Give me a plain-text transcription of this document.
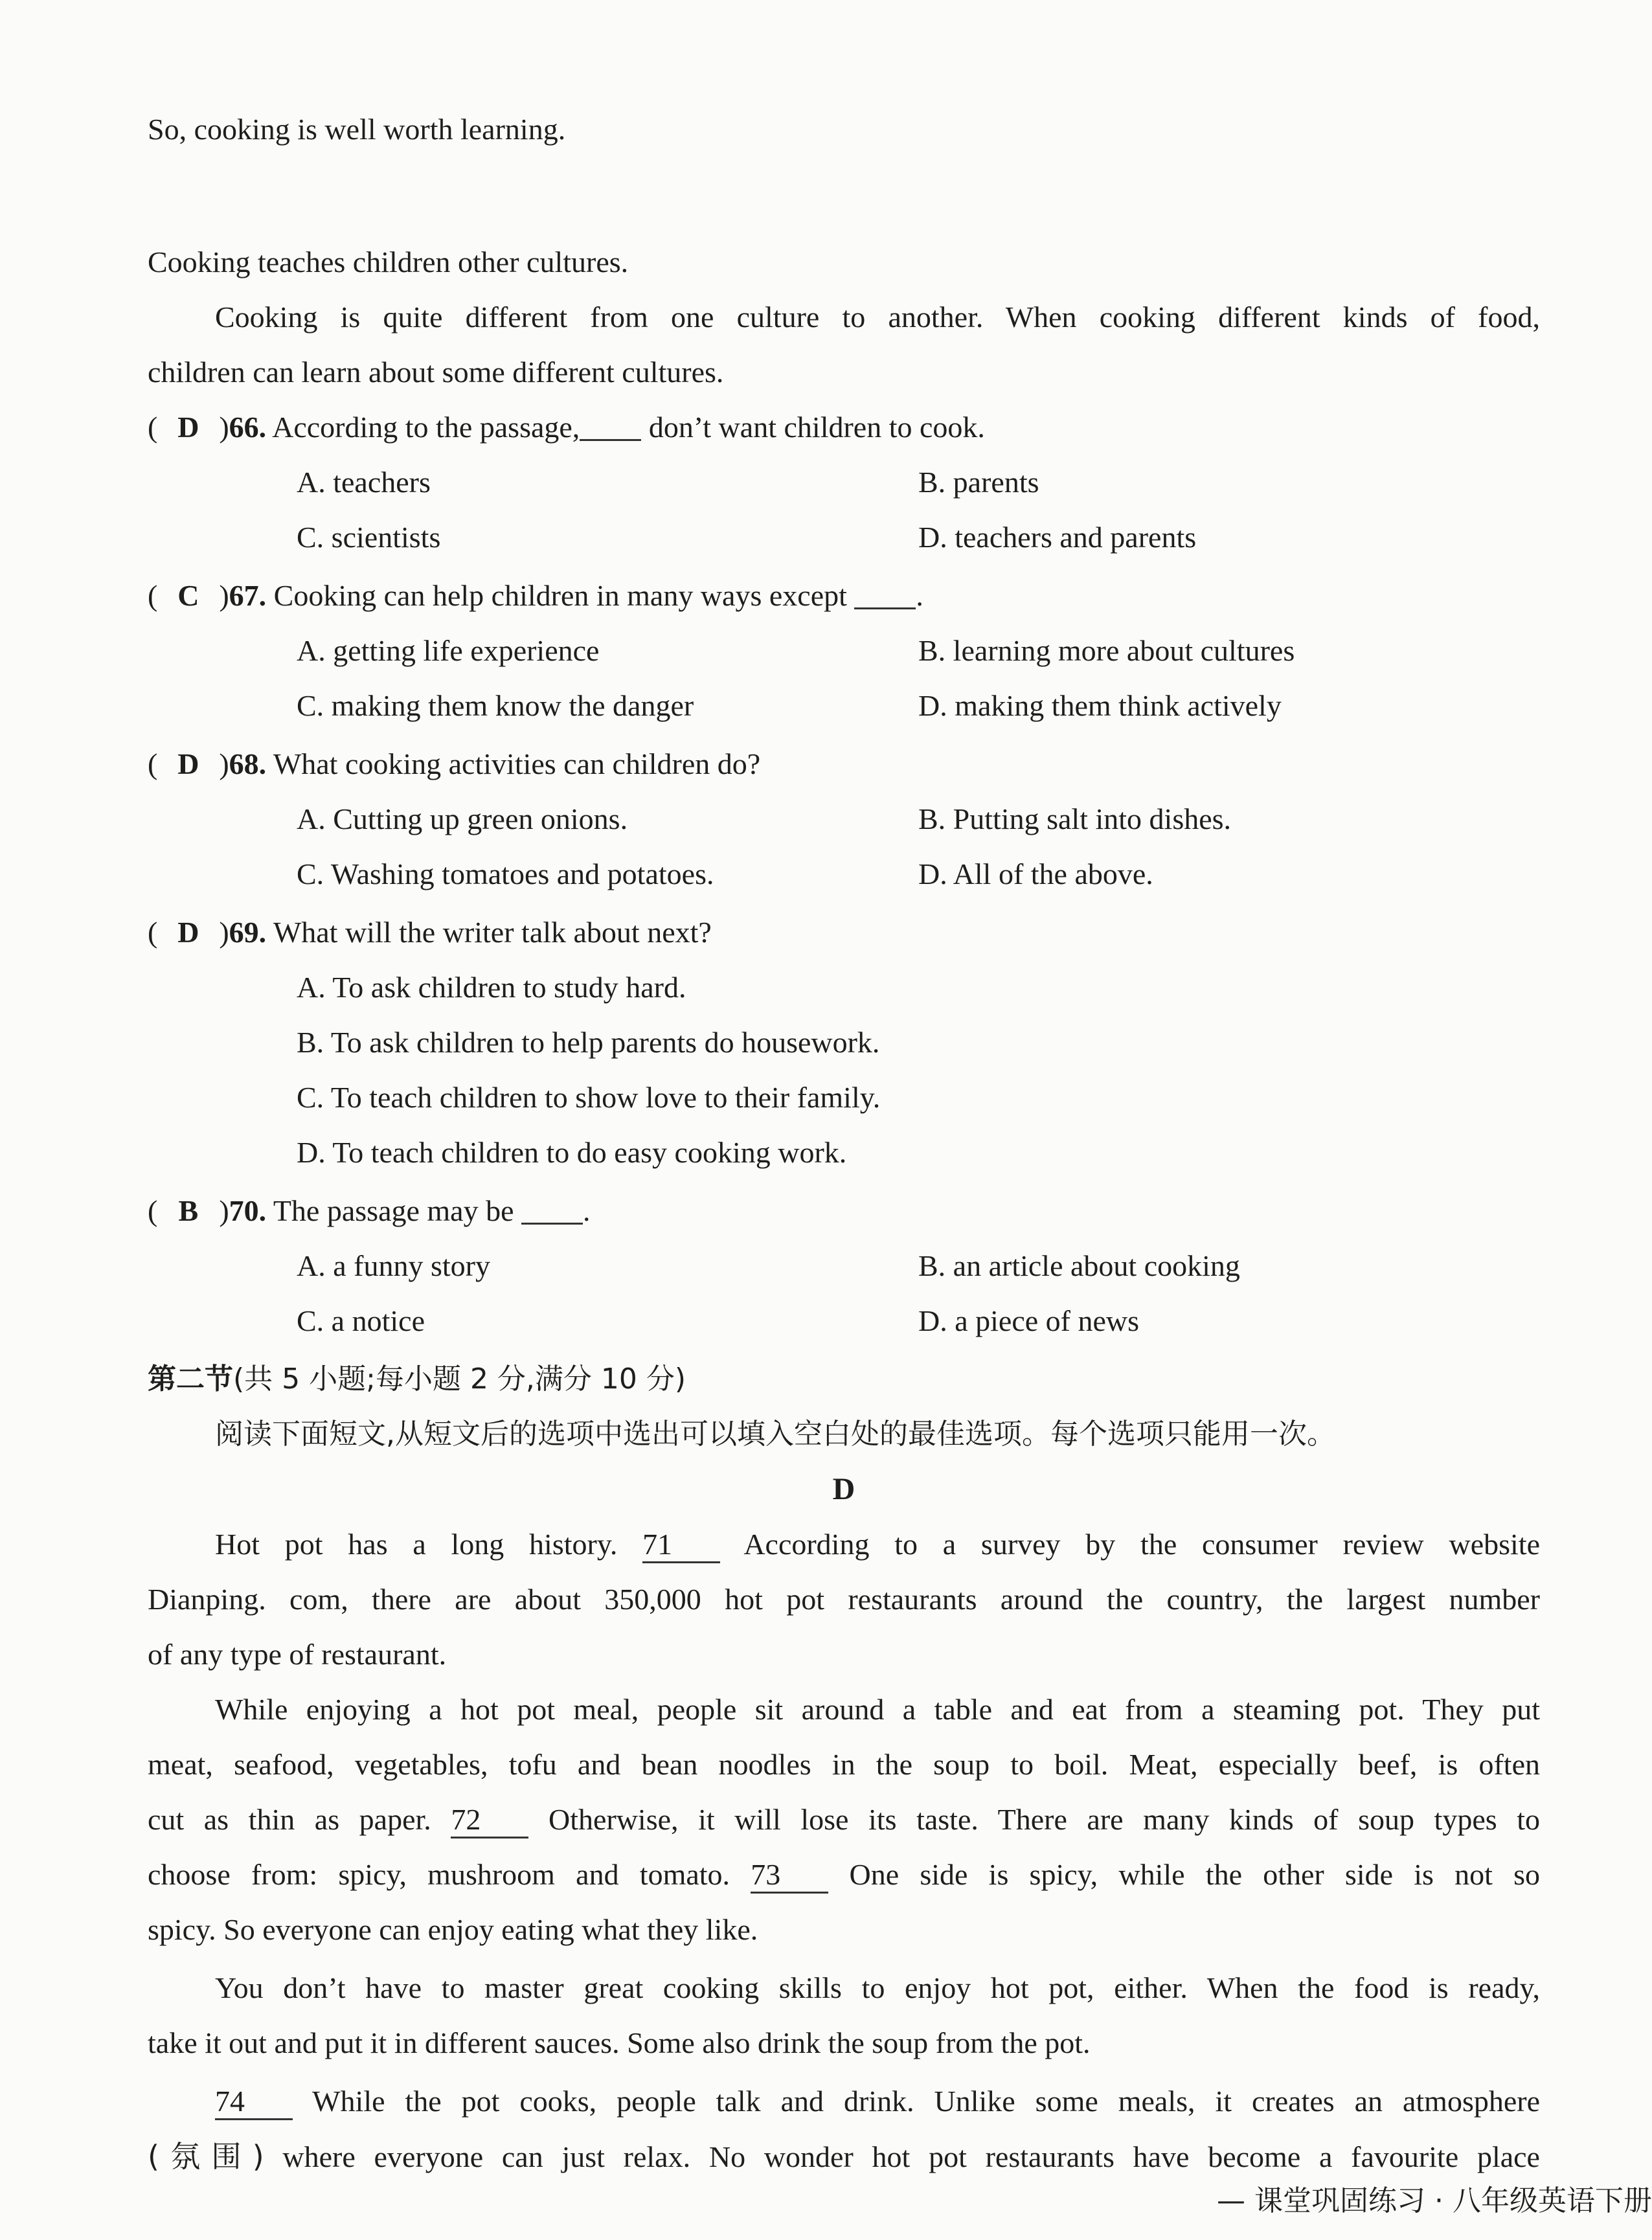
So, cooking is well worth learning.
Cooking teaches children other cultures.
Cooking is quite different from one culture to another. When cooking different kinds of food,
children can learn about some different cultures.
( D )66. According to the passage, don’t want children to cook.
A. teachers	B. parents
C. scientists	D. teachers and parents
( C )67. Cooking can help children in many ways except .
A. getting life experience	B. learning more about cultures
C. making them know the danger	D. making them think actively
( D )68. What cooking activities can children do?
A. Cutting up green onions.	B. Putting salt into dishes.
C. Washing tomatoes and potatoes.	D. All of the above.
( D )69. What will the writer talk about next?
A. To ask children to study hard.
B. To ask children to help parents do housework.
C. To teach children to show love to their family.
D. To teach children to do easy cooking work.
( B )70. The passage may be .
A. a funny story	B. an article about cooking
C. a notice	D. a piece of news
第二节(共 5 小题;每小题 2 分,满分 10 分)
阅读下面短文,从短文后的选项中选出可以填入空白处的最佳选项。每个选项只能用一次。
D
Hot pot has a long history. 71 According to a survey by the consumer review website
Dianping. com, there are about 350,000 hot pot restaurants around the country, the largest number
of any type of restaurant.
While enjoying a hot pot meal, people sit around a table and eat from a steaming pot. They put
meat, seafood, vegetables, tofu and bean noodles in the soup to boil. Meat, especially beef, is often
cut as thin as paper. 72 Otherwise, it will lose its taste. There are many kinds of soup types to
choose from: spicy, mushroom and tomato. 73 One side is spicy, while the other side is not so
spicy. So everyone can enjoy eating what they like.
You don’t have to master great cooking skills to enjoy hot pot, either. When the food is ready,
take it out and put it in different sauces. Some also drink the soup from the pot.
74 While the pot cooks, people talk and drink. Unlike some meals, it creates an atmosphere
(氛围) where everyone can just relax. No wonder hot pot restaurants have become a favourite place
— 课堂巩固练习 · 八年级英语下册
